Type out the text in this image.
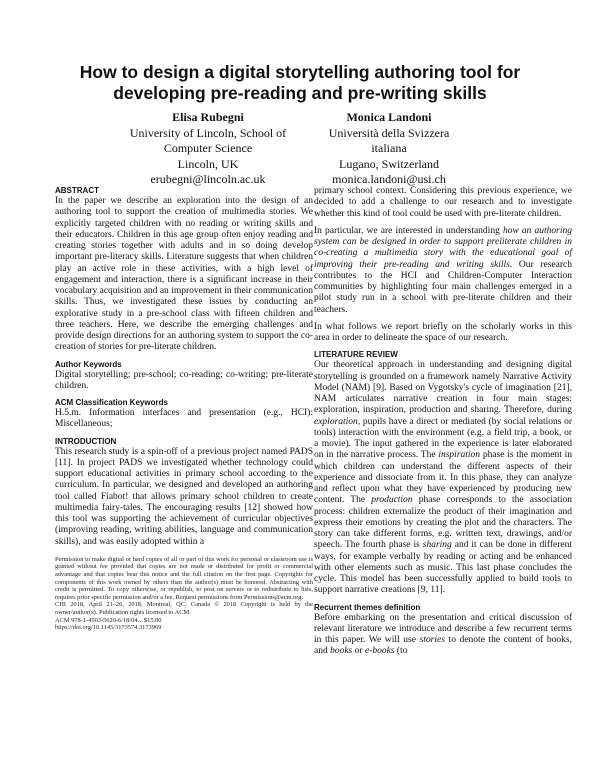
How to design a digital storytelling authoring tool for developing pre-reading and pre-writing skills
Elisa Rubegni
University of Lincoln, School of
Computer Science
Lincoln, UK
erubegni@lincoln.ac.uk
Monica Landoni
Università della Svizzera
italiana
Lugano, Switzerland
monica.landoni@usi.ch
ABSTRACT

In the paper we describe an exploration into the design of an authoring tool to support the creation of multimedia stories. We explicitly targeted children with no reading or writing skills and their educators. Children in this age group often enjoy reading and creating stories together with adults and in so doing develop important pre-literacy skills. Literature suggests that when children play an active role in these activities, with a high level of engagement and interaction, there is a significant increase in their vocabulary acquisition and an improvement in their communication skills. Thus, we investigated these issues by conducting an explorative study in a pre-school class with fifteen children and three teachers. Here, we describe the emerging challenges and provide design directions for an authoring system to support the co-creation of stories for pre-literate children.

Author Keywords

Digital storytelling; pre-school; co-reading; co-writing; pre-literate children.

ACM Classification Keywords

H.5.m. Information interfaces and presentation (e.g., HCI): Miscellaneous;

INTRODUCTION

This research study is a spin-off of a previous project named PADS [11]. In project PADS we investigated whether technology could support educational activities in primary school according to the curriculum. In particular, we designed and developed an authoring tool called Fiabot! that allows primary school children to create multimedia fairy-tales. The encouraging results [12] showed how this tool was supporting the achievement of curricular objectives (improving reading, writing abilities, language and communication skills), and was easily adopted within a

Permission to make digital or hard copies of all or part of this work for personal or classroom use is granted without fee provided that copies are not made or distributed for profit or commercial advantage and that copies bear this notice and the full citation on the first page. Copyrights for components of this work owned by others than the author(s) must be honored. Abstracting with credit is permitted. To copy otherwise, or republish, to post on servers or to redistribute to lists, requires prior specific permission and/or a fee. Request permissions from Permissions@acm.org.

CHI 2018, April 21–26, 2018, Montreal, QC, Canada © 2018 Copyright is held by the owner/author(s). Publication rights licensed to ACM.

ACM 978-1-4503-5620-6/18/04…$15.00

https://doi.org/10.1145/3173574.3173969

primary school context. Considering this previous experience, we decided to add a challenge to our research and to investigate whether this kind of tool could be used with pre-literate children.

In particular, we are interested in understanding how an authoring system can be designed in order to support preliterate children in co-creating a multimedia story with the educational goal of improving their pre-reading and writing skills. Our research contributes to the HCI and Children-Computer Interaction communities by highlighting four main challenges emerged in a pilot study run in a school with pre-literate children and their teachers.

In what follows we report briefly on the scholarly works in this area in order to delineate the space of our research.

LITERATURE REVIEW

Our theoretical approach in understanding and designing digital storytelling is grounded on a framework namely Narrative Activity Model (NAM) [9]. Based on Vygotsky's cycle of imagination [21], NAM articulates narrative creation in four main stages: exploration, inspiration, production and sharing. Therefore, during exploration, pupils have a direct or mediated (by social relations or tools) interaction with the environment (e.g. a field trip, a book, or a movie). The input gathered in the experience is later elaborated on in the narrative process. The inspiration phase is the moment in which children can understand the different aspects of their experience and dissociate from it. In this phase, they can analyze and reflect upon what they have experienced by producing new content. The production phase corresponds to the association process: children externalize the product of their imagination and express their emotions by creating the plot and the characters. The story can take different forms, e.g. written text, drawings, and/or speech. The fourth phase is sharing and it can be done in different ways, for example verbally by reading or acting and be enhanced with other elements such as music. This last phase concludes the cycle. This model has been successfully applied to build tools to support narrative creations [9, 11].

Recurrent themes definition

Before embarking on the presentation and critical discussion of relevant literature we introduce and describe a few recurrent terms in this paper. We will use stories to denote the content of books, and books or e-books (to
